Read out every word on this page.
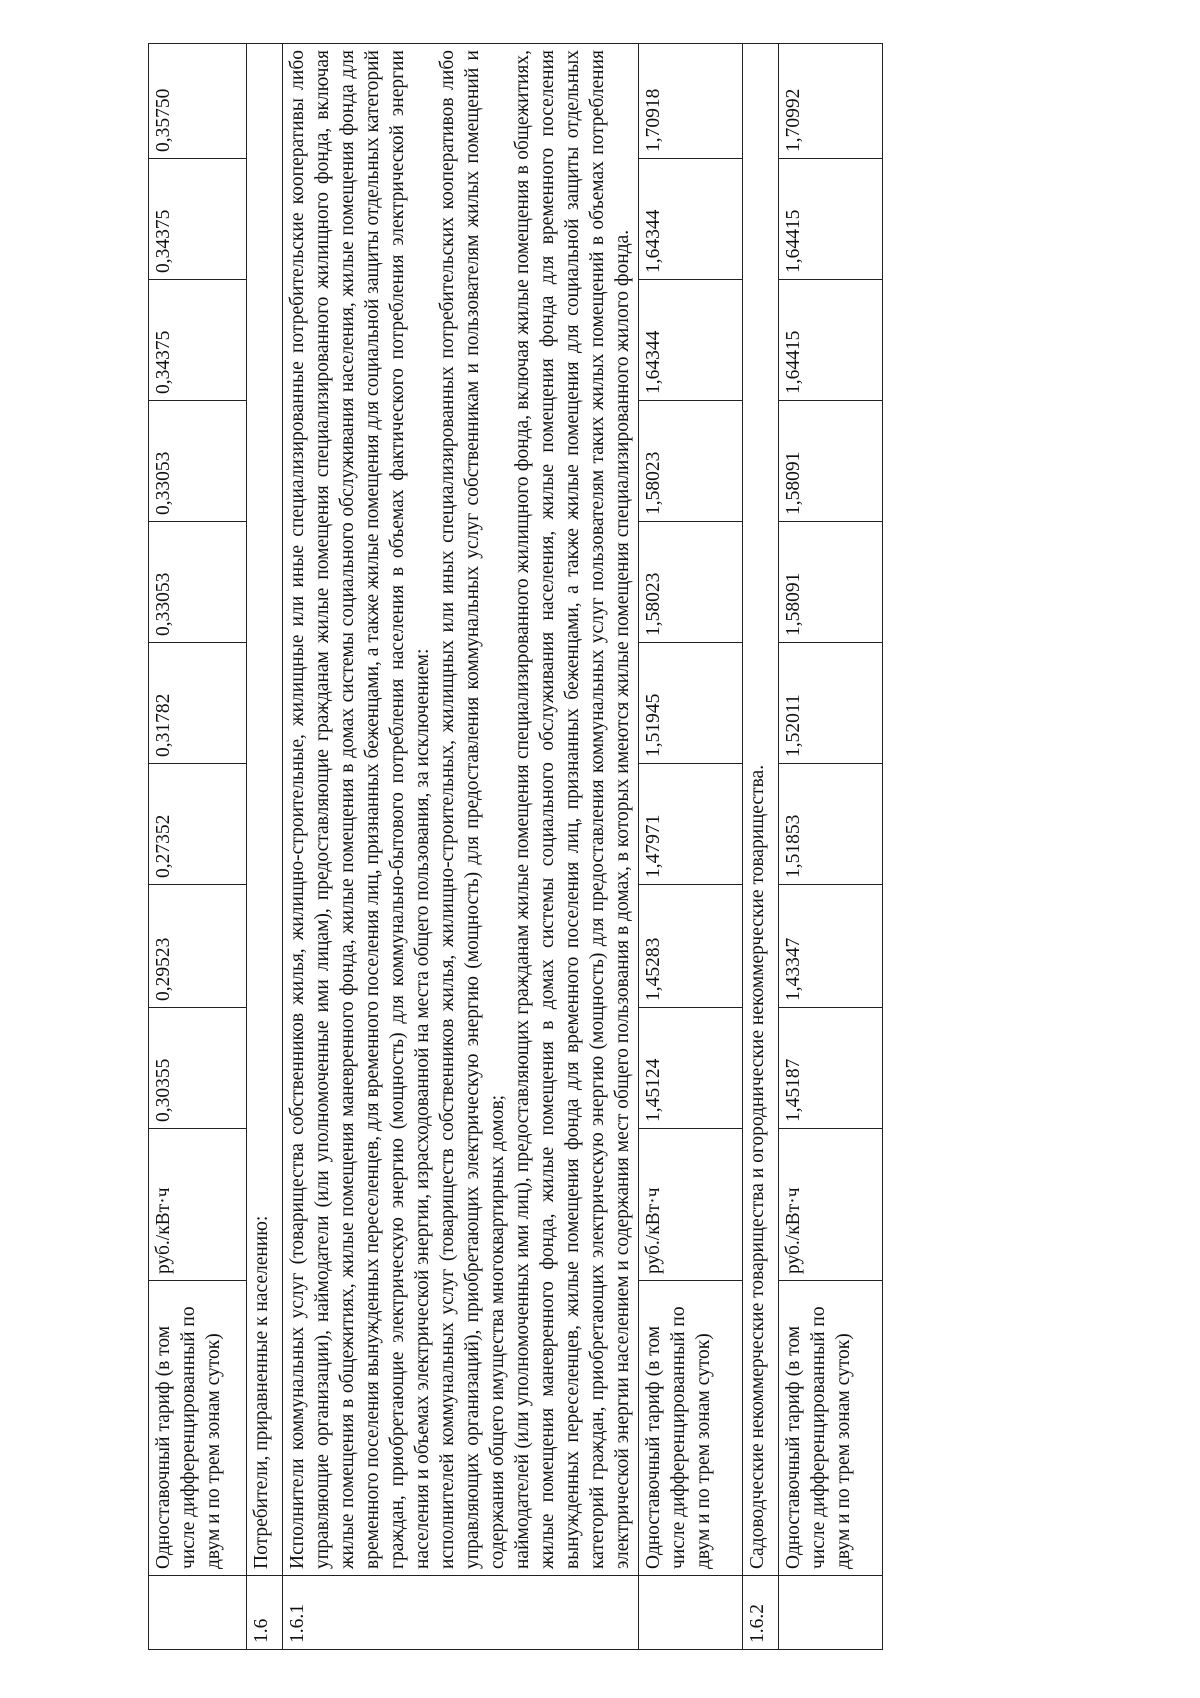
	Одноставочный тариф (в том числе дифференцированный по двум и по трем зонам суток)	руб./кВт·ч	0,30355	0,29523	0,27352	0,31782	0,33053	0,33053	0,34375	0,34375	0,35750
1.6	Потребители, приравненные к населению:										
1.6.1	Исполнители коммунальных услуг (товарищества собственников жилья, жилищно-строительные, жилищные или иные специализированные потребительские кооперативы либо управляющие организации), наймодатели (или уполномоченные ими лицам), предоставляющие гражданам жилые помещения специализированного жилищного фонда, включая жилые помещения в общежитиях, жилые помещения маневренного фонда, жилые помещения в домах системы социального обслуживания населения, жилые помещения фонда для временного поселения вынужденных переселенцев, для временного поселения лиц, признанных беженцами, а также жилые помещения для социальной защиты отдельных категорий граждан, приобретающие электрическую энергию (мощность) для коммунально-бытового потребления населения в объемах фактического потребления электрической энергии населения и объемах электрической энергии, израсходованной на места общего пользования, за исключением: исполнителей коммунальных услуг (товариществ собственников жилья, жилищно-строительных, жилищных или иных специализированных потребительских кооперативов либо управляющих организаций), приобретающих электрическую энергию (мощность) для предоставления коммунальных услуг собственникам и пользователям жилых помещений и содержания общего имущества многоквартирных домов; наймодателей (или уполномоченных ими лиц), предоставляющих гражданам жилые помещения специализированного жилищного фонда, включая жилые помещения в общежитиях, жилые помещения маневренного фонда, жилые помещения в домах системы социального обслуживания населения, жилые помещения фонда для временного поселения вынужденных переселенцев, жилые помещения фонда для временного поселения лиц, признанных беженцами, а также жилые помещения для социальной защиты отдельных категорий граждан, приобретающих электрическую энергию (мощность) для предоставления коммунальных услуг пользователям таких жилых помещений в объемах потребления электрической энергии населением и содержания мест общего пользования в домах, в которых имеются жилые помещения специализированного жилого фонда.										

	Одноставочный тариф (в том числе дифференцированный по двум и по трем зонам суток)	руб./кВт·ч	1,45124	1,45283	1,47971	1,51945	1,58023	1,58023	1,64344	1,64344	1,70918
1.6.2	Садоводческие некоммерческие товарищества и огороднические некоммерческие товарищества.										
	Одноставочный тариф (в том числе дифференцированный по двум и по трем зонам суток)	руб./кВт·ч	1,45187	1,43347	1,51853	1,52011	1,58091	1,58091	1,64415	1,64415	1,70992
